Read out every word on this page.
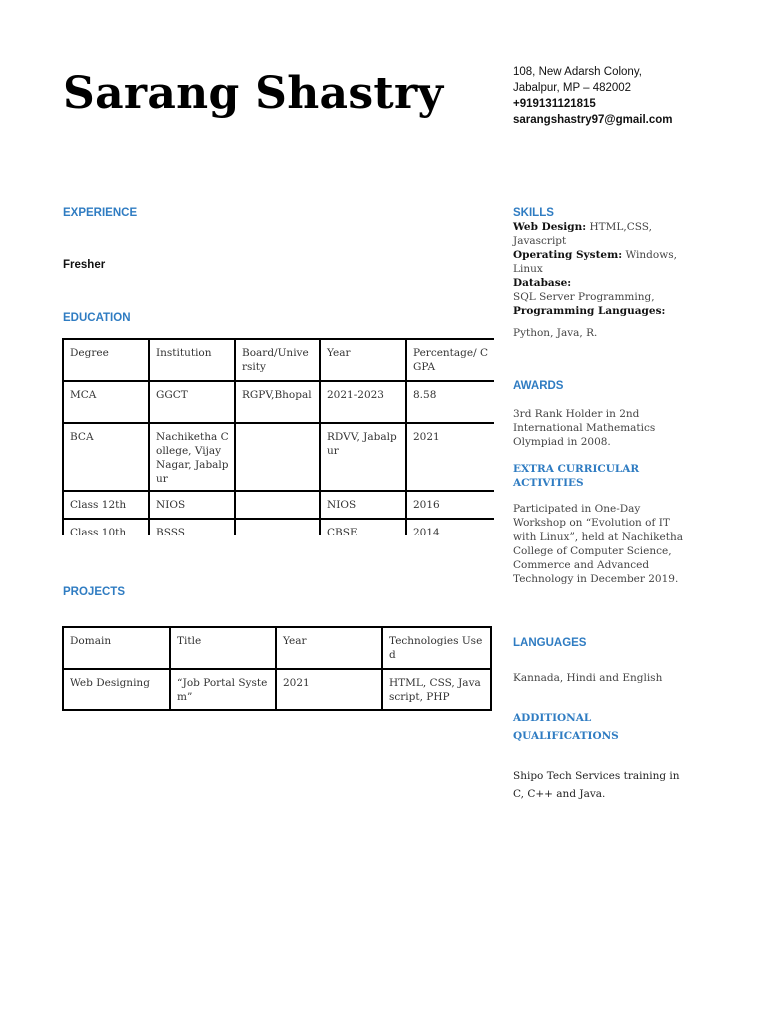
Sarang Shastry	108, New Adarsh Colony,
Jabalpur, MP – 482002
+919131121815
sarangshastry97@gmail.com
EXPERIENCE
Fresher
EDUCATION
Degree	Institution	Board/Unive rsity	Year	Percentage/ CGPA
MCA	GGCT	RGPV,Bhopal	2021-2023	8.58
BCA	Nachiketha College, Vijay Nagar, Jabalpur		RDVV, Jabalpur	2021
Class 12th	NIOS		NIOS	2016
Class 10th	BSSS		CBSE	2014
PROJECTS
Domain	Title	Year	Technologies Used
Web Designing	“Job Portal System”	2021	HTML, CSS, Javascript, PHP
SKILLS
Web Design: HTML,CSS, Javascript
Operating System: Windows, Linux
Database:
SQL Server Programming,
Programming Languages:
Python, Java, R.
AWARDS
3rd Rank Holder in 2nd International Mathematics Olympiad in 2008.
EXTRA CURRICULAR
ACTIVITIES
Participated in One-Day Workshop on “Evolution of IT with Linux”, held at Nachiketha College of Computer Science, Commerce and Advanced Technology in December 2019.
LANGUAGES
Kannada, Hindi and English
ADDITIONAL
QUALIFICATIONS
Shipo Tech Services training in C, C++ and Java.
